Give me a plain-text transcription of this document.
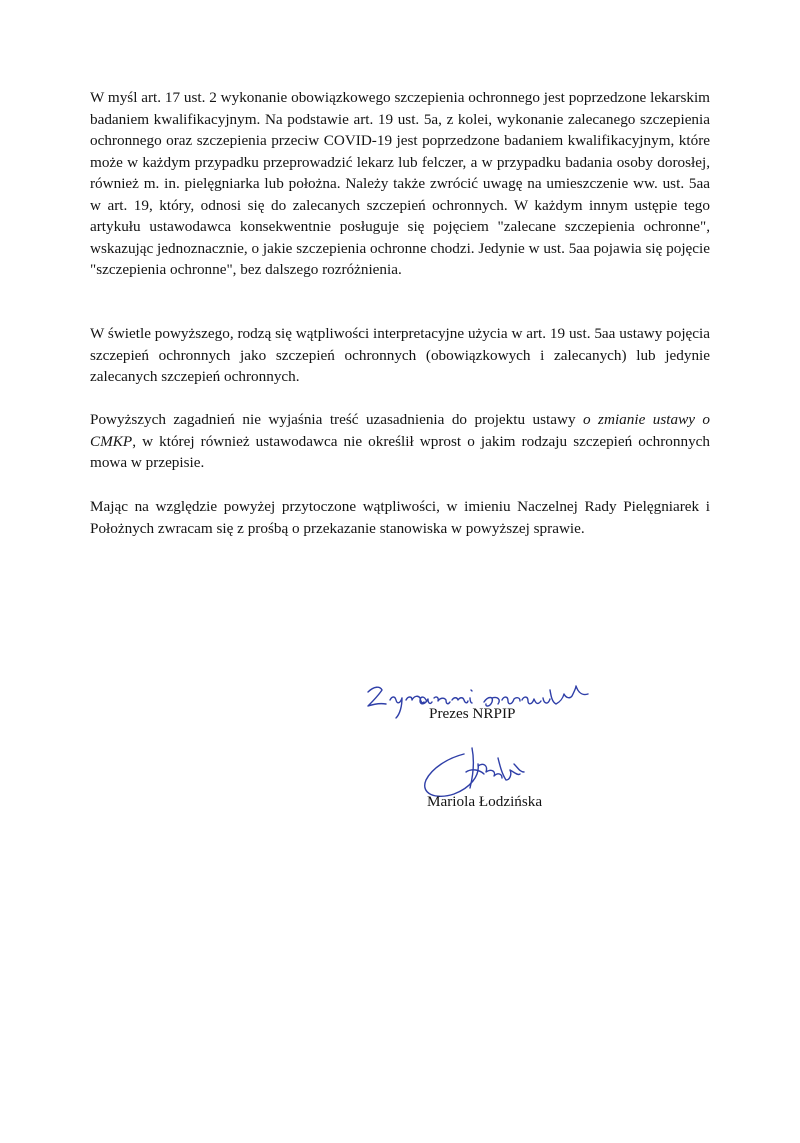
W myśl art. 17 ust. 2 wykonanie obowiązkowego szczepienia ochronnego jest poprzedzone lekarskim badaniem kwalifikacyjnym. Na podstawie art. 19 ust. 5a, z kolei, wykonanie zalecanego szczepienia ochronnego oraz szczepienia przeciw COVID-19 jest poprzedzone badaniem kwalifikacyjnym, które może w każdym przypadku przeprowadzić lekarz lub felczer, a w przypadku badania osoby dorosłej, również m. in. pielęgniarka lub położna. Należy także zwrócić uwagę na umieszczenie ww. ust. 5aa w art. 19, który, odnosi się do zalecanych szczepień ochronnych. W każdym innym ustępie tego artykułu ustawodawca konsekwentnie posługuje się pojęciem "zalecane szczepienia ochronne", wskazując jednoznacznie, o jakie szczepienia ochronne chodzi. Jedynie w ust. 5aa pojawia się pojęcie "szczepienia ochronne", bez dalszego rozróżnienia.

W świetle powyższego, rodzą się wątpliwości interpretacyjne użycia w art. 19 ust. 5aa ustawy pojęcia szczepień ochronnych jako szczepień ochronnych (obowiązkowych i zalecanych) lub jedynie zalecanych szczepień ochronnych.

Powyższych zagadnień nie wyjaśnia treść uzasadnienia do projektu ustawy o zmianie ustawy o CMKP, w której również ustawodawca nie określił wprost o jakim rodzaju szczepień ochronnych mowa w przepisie.

Mając na względzie powyżej przytoczone wątpliwości, w imieniu Naczelnej Rady Pielęgniarek i Położnych zwracam się z prośbą o przekazanie stanowiska w powyższej sprawie.

Prezes NRPIP
Mariola Łodzińska
